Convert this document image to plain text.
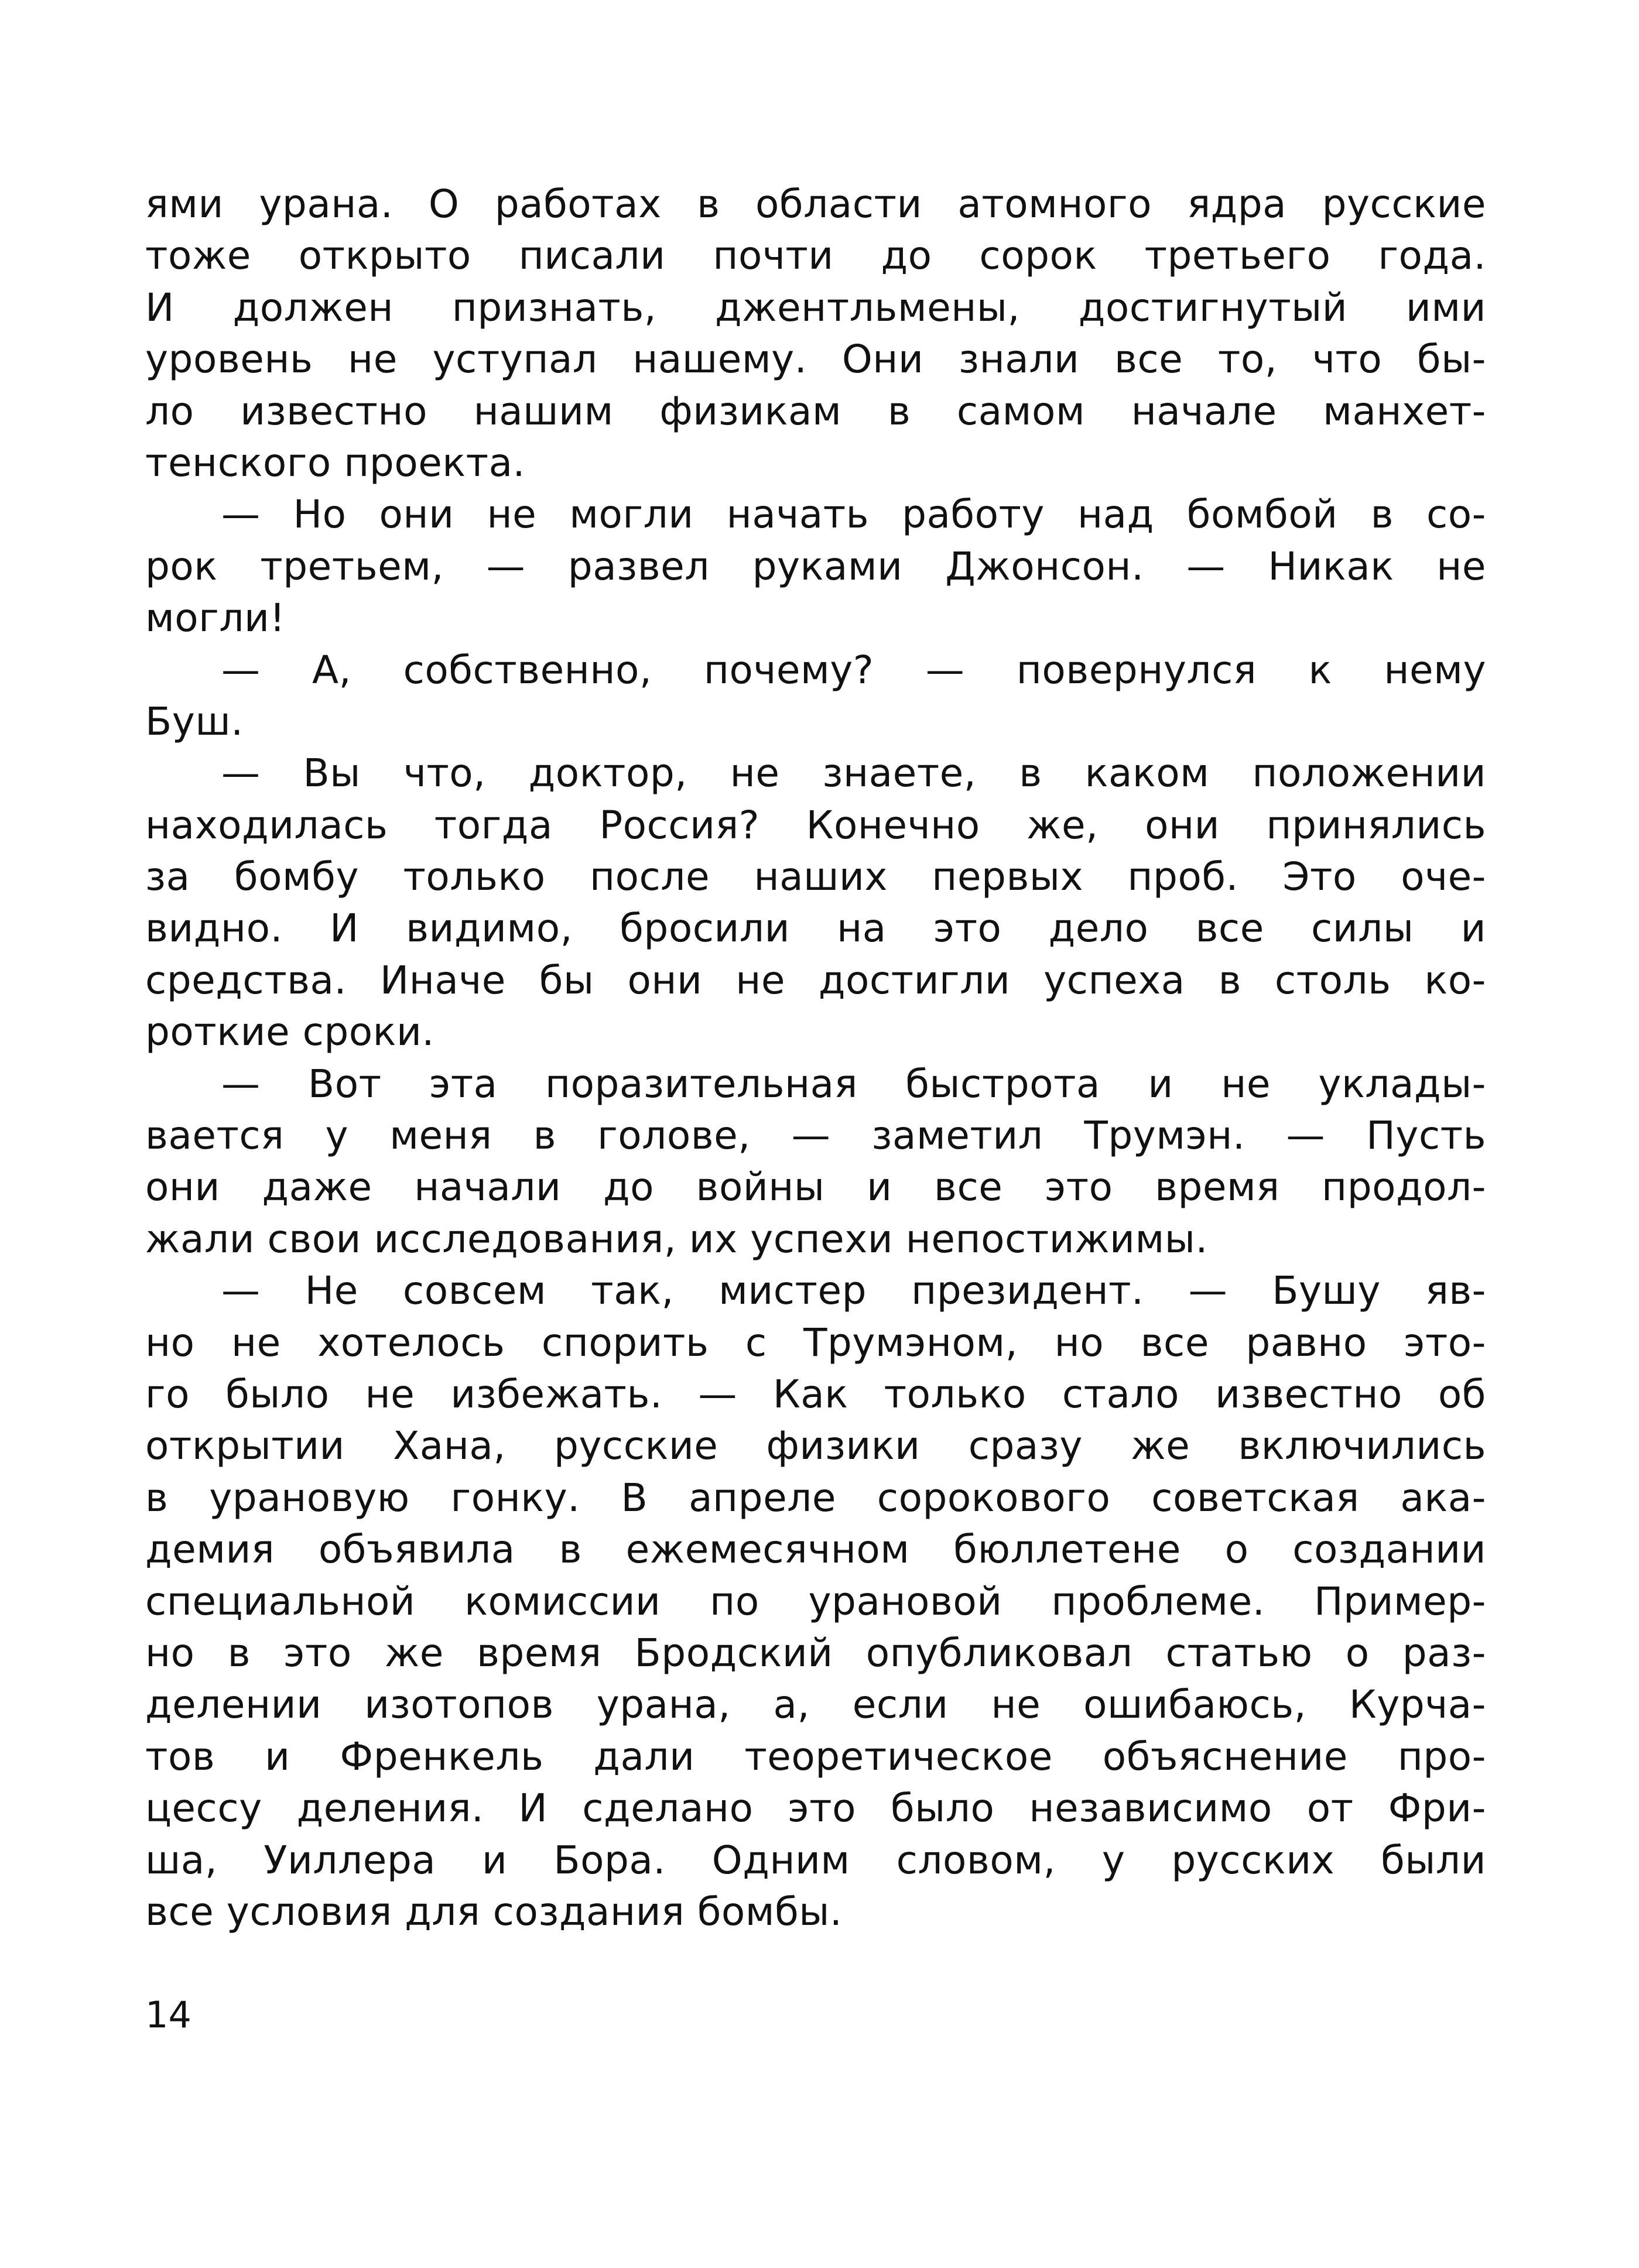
ями урана. О работах в области атомного ядра русские
тоже открыто писали почти до сорок третьего года.
И должен признать, джентльмены, достигнутый ими
уровень не уступал нашему. Они знали все то, что бы-
ло известно нашим физикам в самом начале манхет-
тенского проекта.
— Но они не могли начать работу над бомбой в со-
рок третьем, — развел руками Джонсон. — Никак не
могли!
— А, собственно, почему? — повернулся к нему
Буш.
— Вы что, доктор, не знаете, в каком положении
находилась тогда Россия? Конечно же, они принялись
за бомбу только после наших первых проб. Это оче-
видно. И видимо, бросили на это дело все силы и
средства. Иначе бы они не достигли успеха в столь ко-
роткие сроки.
— Вот эта поразительная быстрота и не уклады-
вается у меня в голове, — заметил Трумэн. — Пусть
они даже начали до войны и все это время продол-
жали свои исследования, их успехи непостижимы.
— Не совсем так, мистер президент. — Бушу яв-
но не хотелось спорить с Трумэном, но все равно это-
го было не избежать. — Как только стало известно об
открытии Хана, русские физики сразу же включились
в урановую гонку. В апреле сорокового советская ака-
демия объявила в ежемесячном бюллетене о создании
специальной комиссии по урановой проблеме. Пример-
но в это же время Бродский опубликовал статью о раз-
делении изотопов урана, а, если не ошибаюсь, Курча-
тов и Френкель дали теоретическое объяснение про-
цессу деления. И сделано это было независимо от Фри-
ша, Уиллера и Бора. Одним словом, у русских были
все условия для создания бомбы.
14
